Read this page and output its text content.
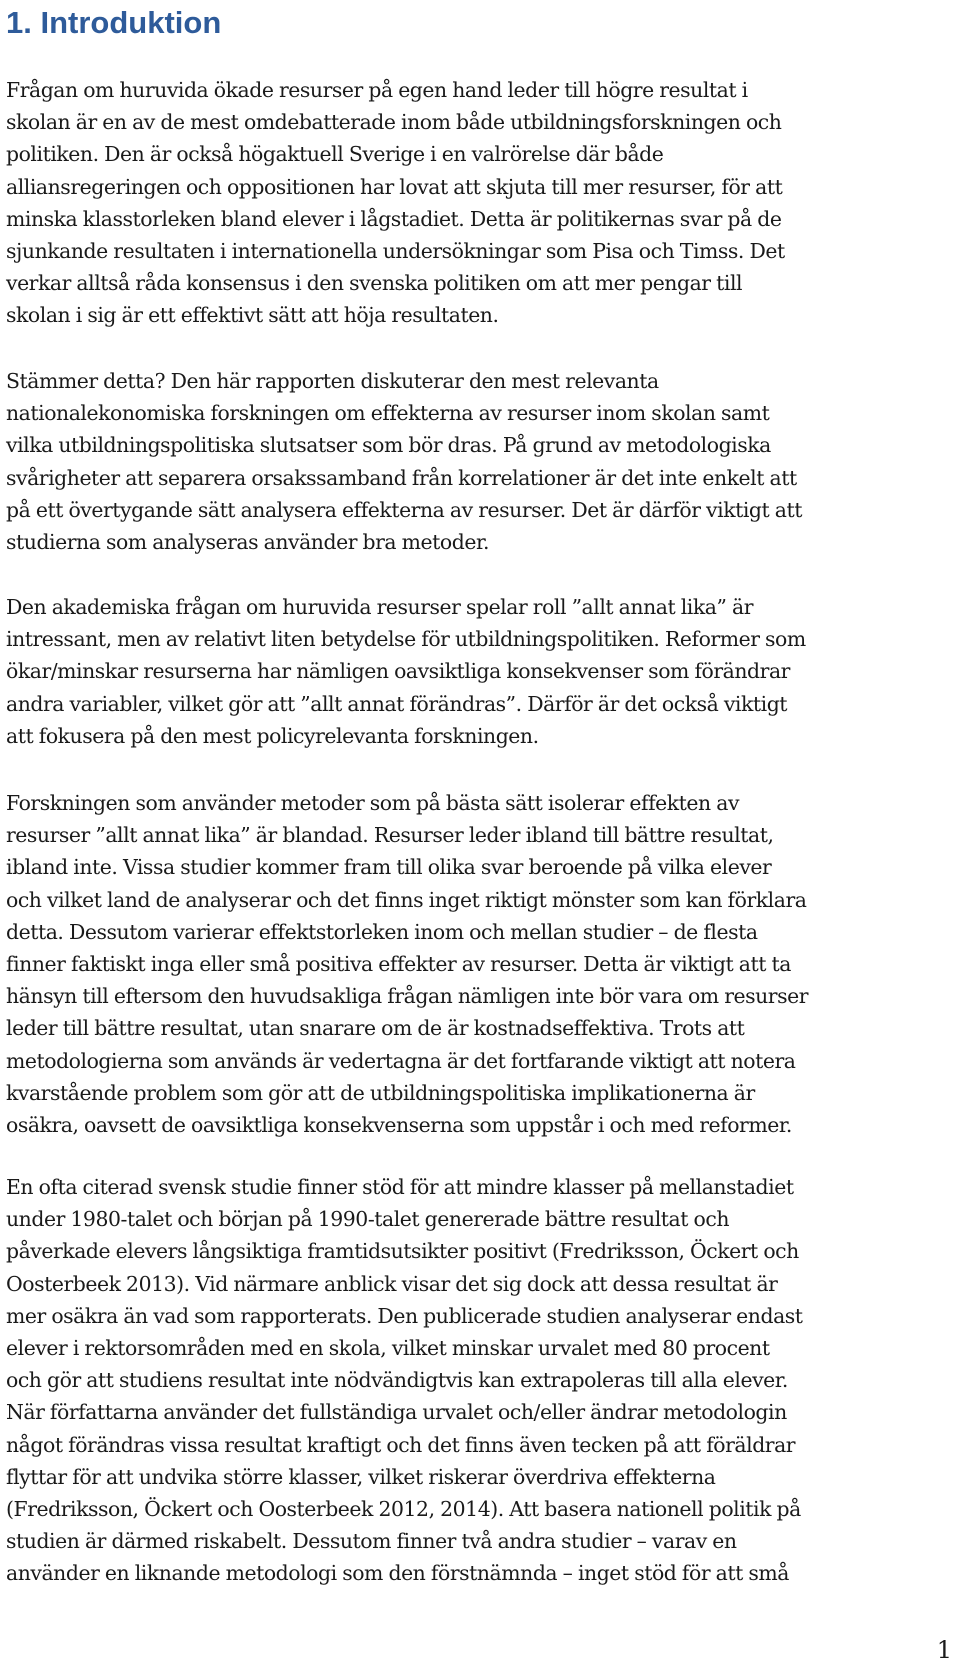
1. Introduktion

Frågan om huruvida ökade resurser på egen hand leder till högre resultat i
skolan är en av de mest omdebatterade inom både utbildningsforskningen och
politiken. Den är också högaktuell Sverige i en valrörelse där både
alliansregeringen och oppositionen har lovat att skjuta till mer resurser, för att
minska klasstorleken bland elever i lågstadiet. Detta är politikernas svar på de
sjunkande resultaten i internationella undersökningar som Pisa och Timss. Det
verkar alltså råda konsensus i den svenska politiken om att mer pengar till
skolan i sig är ett effektivt sätt att höja resultaten.

Stämmer detta? Den här rapporten diskuterar den mest relevanta
nationalekonomiska forskningen om effekterna av resurser inom skolan samt
vilka utbildningspolitiska slutsatser som bör dras. På grund av metodologiska
svårigheter att separera orsakssamband från korrelationer är det inte enkelt att
på ett övertygande sätt analysera effekterna av resurser. Det är därför viktigt att
studierna som analyseras använder bra metoder.

Den akademiska frågan om huruvida resurser spelar roll ”allt annat lika” är
intressant, men av relativt liten betydelse för utbildningspolitiken. Reformer som
ökar/minskar resurserna har nämligen oavsiktliga konsekvenser som förändrar
andra variabler, vilket gör att ”allt annat förändras”. Därför är det också viktigt
att fokusera på den mest policyrelevanta forskningen.

Forskningen som använder metoder som på bästa sätt isolerar effekten av
resurser ”allt annat lika” är blandad. Resurser leder ibland till bättre resultat,
ibland inte. Vissa studier kommer fram till olika svar beroende på vilka elever
och vilket land de analyserar och det finns inget riktigt mönster som kan förklara
detta. Dessutom varierar effektstorleken inom och mellan studier – de flesta
finner faktiskt inga eller små positiva effekter av resurser. Detta är viktigt att ta
hänsyn till eftersom den huvudsakliga frågan nämligen inte bör vara om resurser
leder till bättre resultat, utan snarare om de är kostnadseffektiva. Trots att
metodologierna som används är vedertagna är det fortfarande viktigt att notera
kvarstående problem som gör att de utbildningspolitiska implikationerna är
osäkra, oavsett de oavsiktliga konsekvenserna som uppstår i och med reformer.

En ofta citerad svensk studie finner stöd för att mindre klasser på mellanstadiet
under 1980-talet och början på 1990-talet genererade bättre resultat och
påverkade elevers långsiktiga framtidsutsikter positivt (Fredriksson, Öckert och
Oosterbeek 2013). Vid närmare anblick visar det sig dock att dessa resultat är
mer osäkra än vad som rapporterats. Den publicerade studien analyserar endast
elever i rektorsområden med en skola, vilket minskar urvalet med 80 procent
och gör att studiens resultat inte nödvändigtvis kan extrapoleras till alla elever.
När författarna använder det fullständiga urvalet och/eller ändrar metodologin
något förändras vissa resultat kraftigt och det finns även tecken på att föräldrar
flyttar för att undvika större klasser, vilket riskerar överdriva effekterna
(Fredriksson, Öckert och Oosterbeek 2012, 2014). Att basera nationell politik på
studien är därmed riskabelt. Dessutom finner två andra studier – varav en
använder en liknande metodologi som den förstnämnda – inget stöd för att små

1
